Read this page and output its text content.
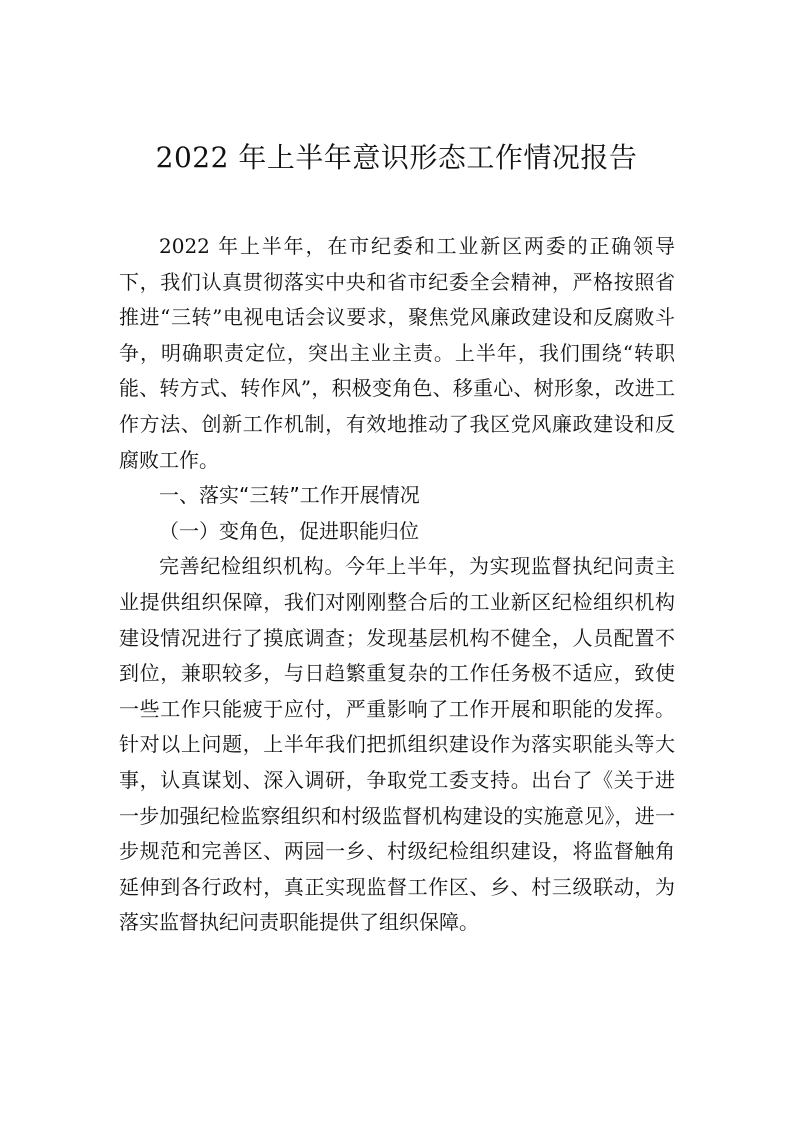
2022 年上半年意识形态工作情况报告

2022 年上半年，在市纪委和工业新区两委的正确领导下，我们认真贯彻落实中央和省市纪委全会精神，严格按照省推进“三转”电视电话会议要求，聚焦党风廉政建设和反腐败斗争，明确职责定位，突出主业主责。上半年，我们围绕“转职能、转方式、转作风”，积极变角色、移重心、树形象，改进工作方法、创新工作机制，有效地推动了我区党风廉政建设和反腐败工作。

一、落实“三转”工作开展情况

（一）变角色，促进职能归位

完善纪检组织机构。今年上半年，为实现监督执纪问责主业提供组织保障，我们对刚刚整合后的工业新区纪检组织机构建设情况进行了摸底调查；发现基层机构不健全，人员配置不到位，兼职较多，与日趋繁重复杂的工作任务极不适应，致使一些工作只能疲于应付，严重影响了工作开展和职能的发挥。针对以上问题，上半年我们把抓组织建设作为落实职能头等大事，认真谋划、深入调研，争取党工委支持。出台了《关于进一步加强纪检监察组织和村级监督机构建设的实施意见》，进一步规范和完善区、两园一乡、村级纪检组织建设，将监督触角延伸到各行政村，真正实现监督工作区、乡、村三级联动，为落实监督执纪问责职能提供了组织保障。
